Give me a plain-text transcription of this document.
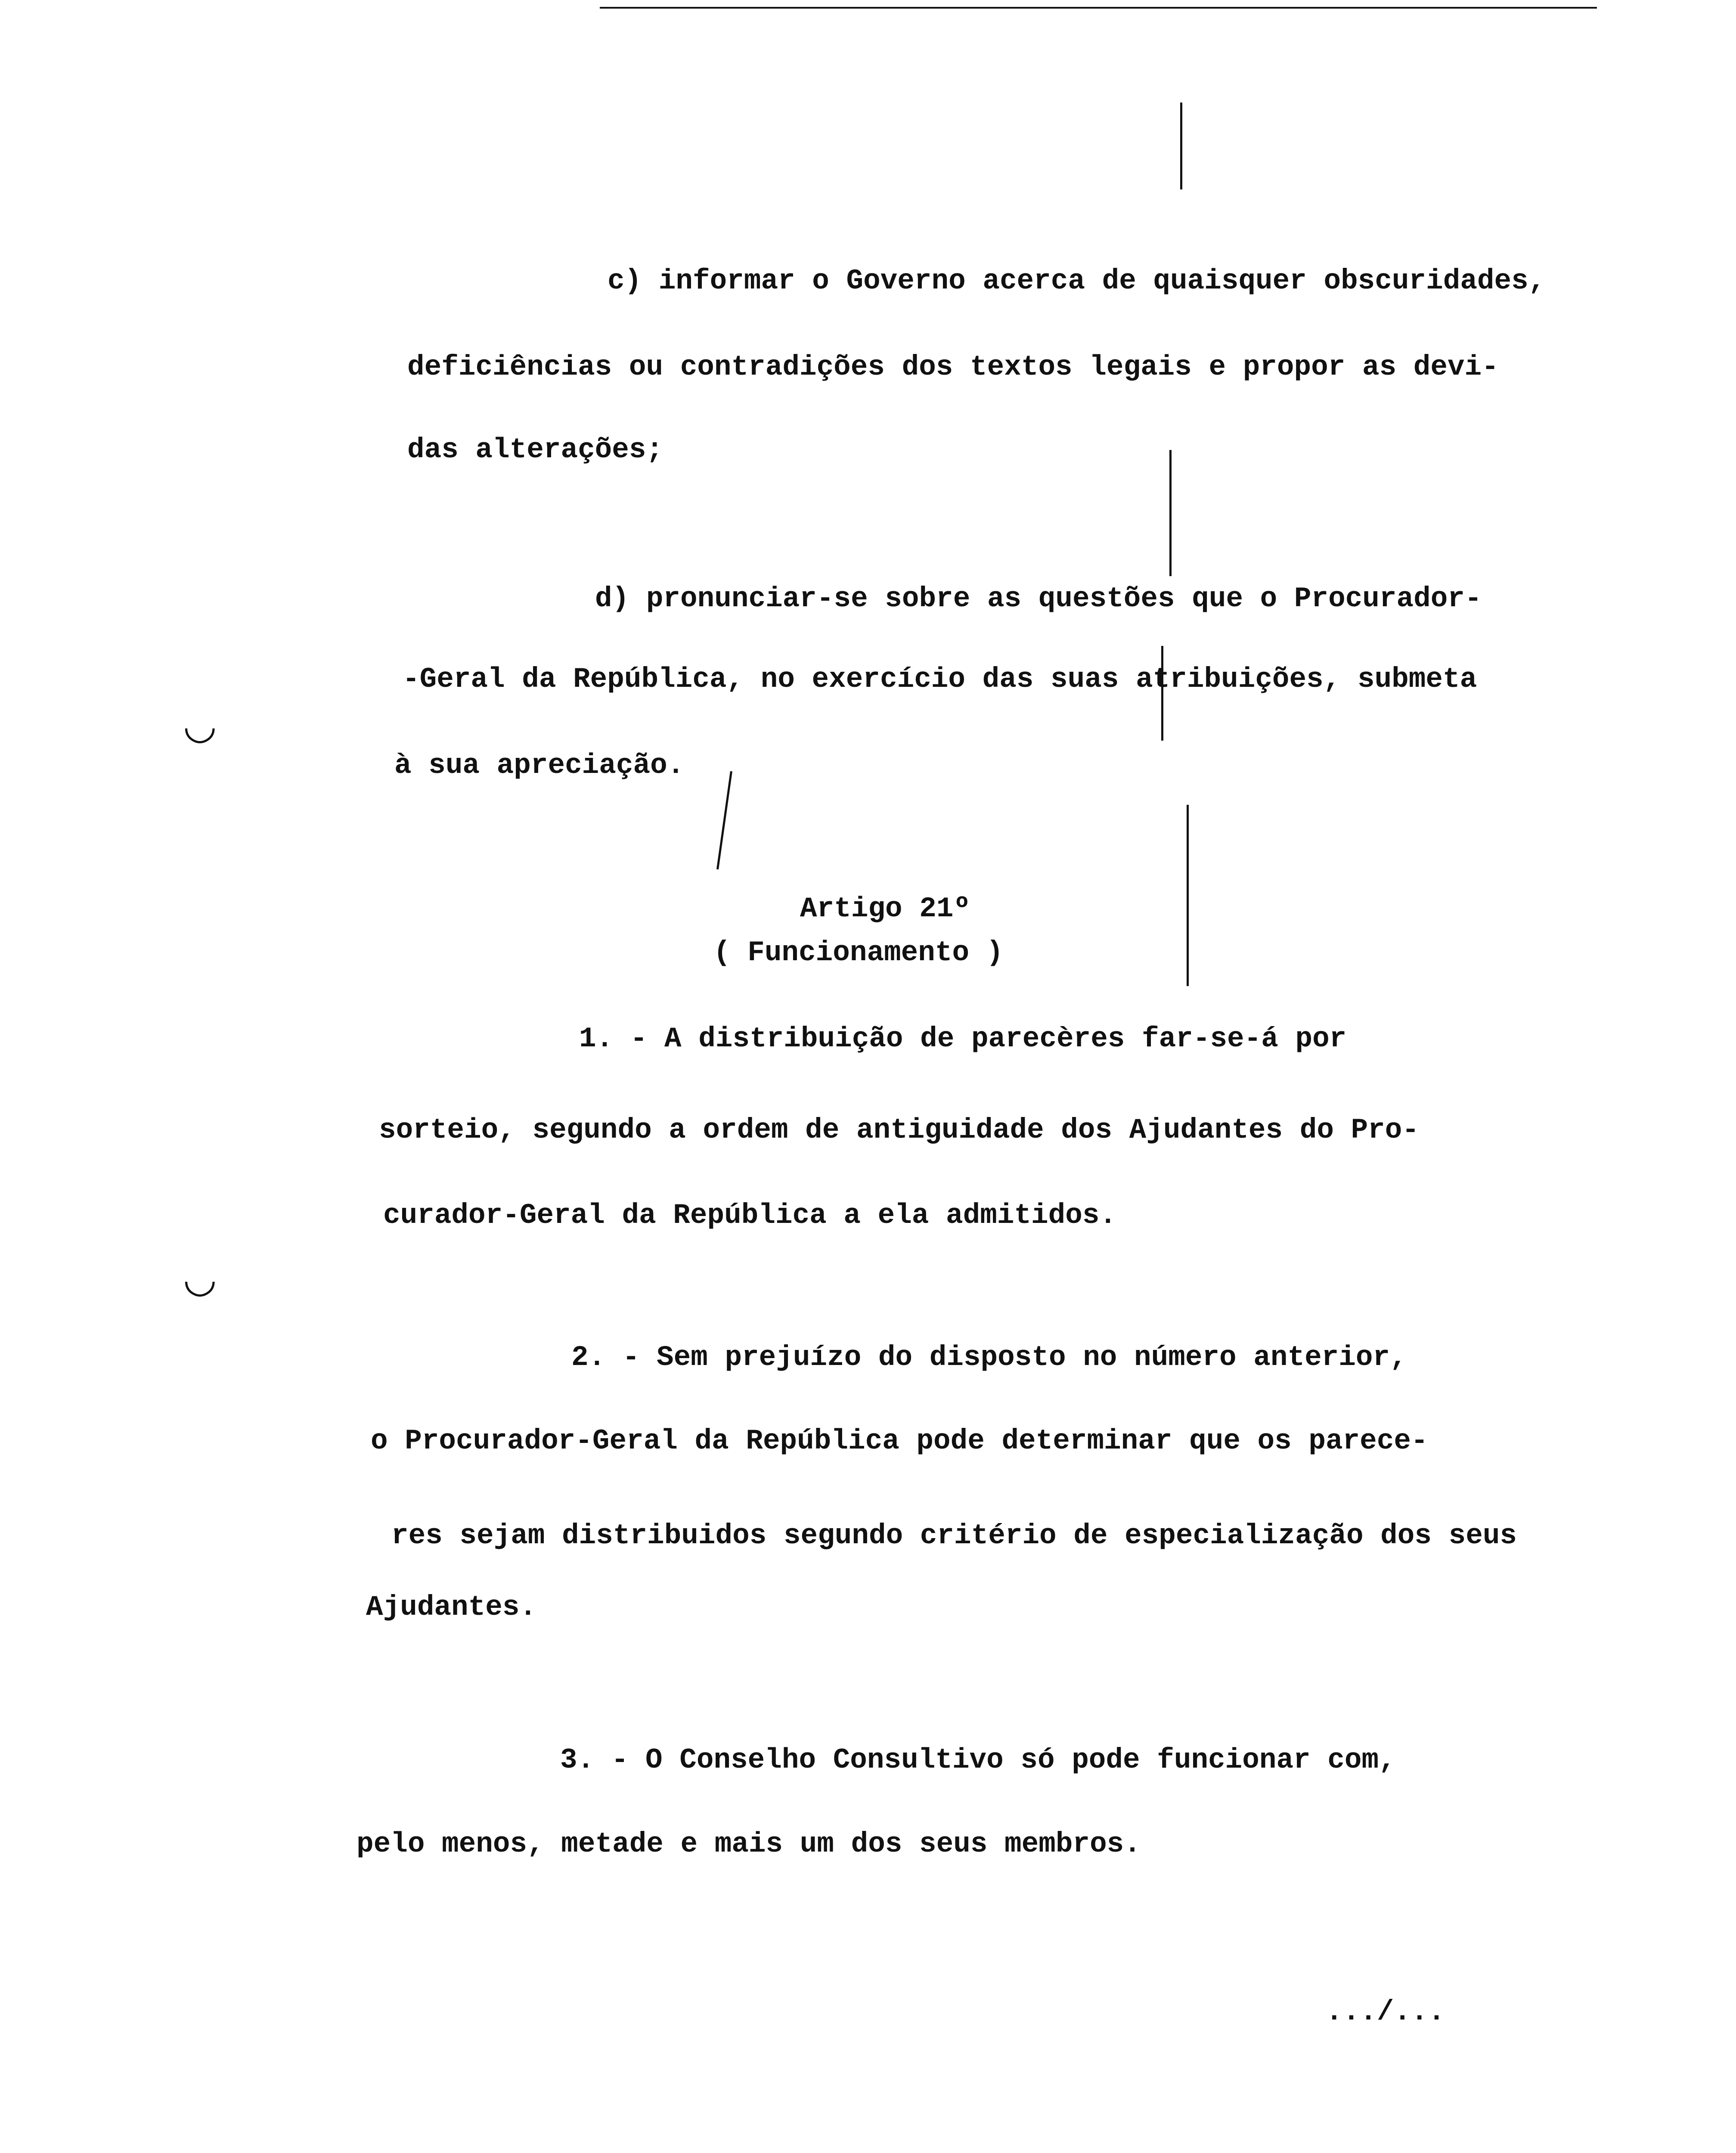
◡
◡
c) informar o Governo acerca de quaisquer obscuridades,
deficiências ou contradições dos textos legais e propor as devi-
das alterações;
d) pronunciar-se sobre as questões que o Procurador-
-Geral da República, no exercício das suas atribuições, submeta
à sua apreciação.
Artigo 21º
( Funcionamento )
1. - A distribuição de parecères far-se-á por
sorteio, segundo a ordem de antiguidade dos Ajudantes do Pro-
curador-Geral da República a ela admitidos.
2. - Sem prejuízo do disposto no número anterior,
o Procurador-Geral da República pode determinar que os parece-
res sejam distribuidos segundo critério de especialização dos seus
Ajudantes.
3. - O Conselho Consultivo só pode funcionar com,
pelo menos, metade e mais um dos seus membros.
.../...
